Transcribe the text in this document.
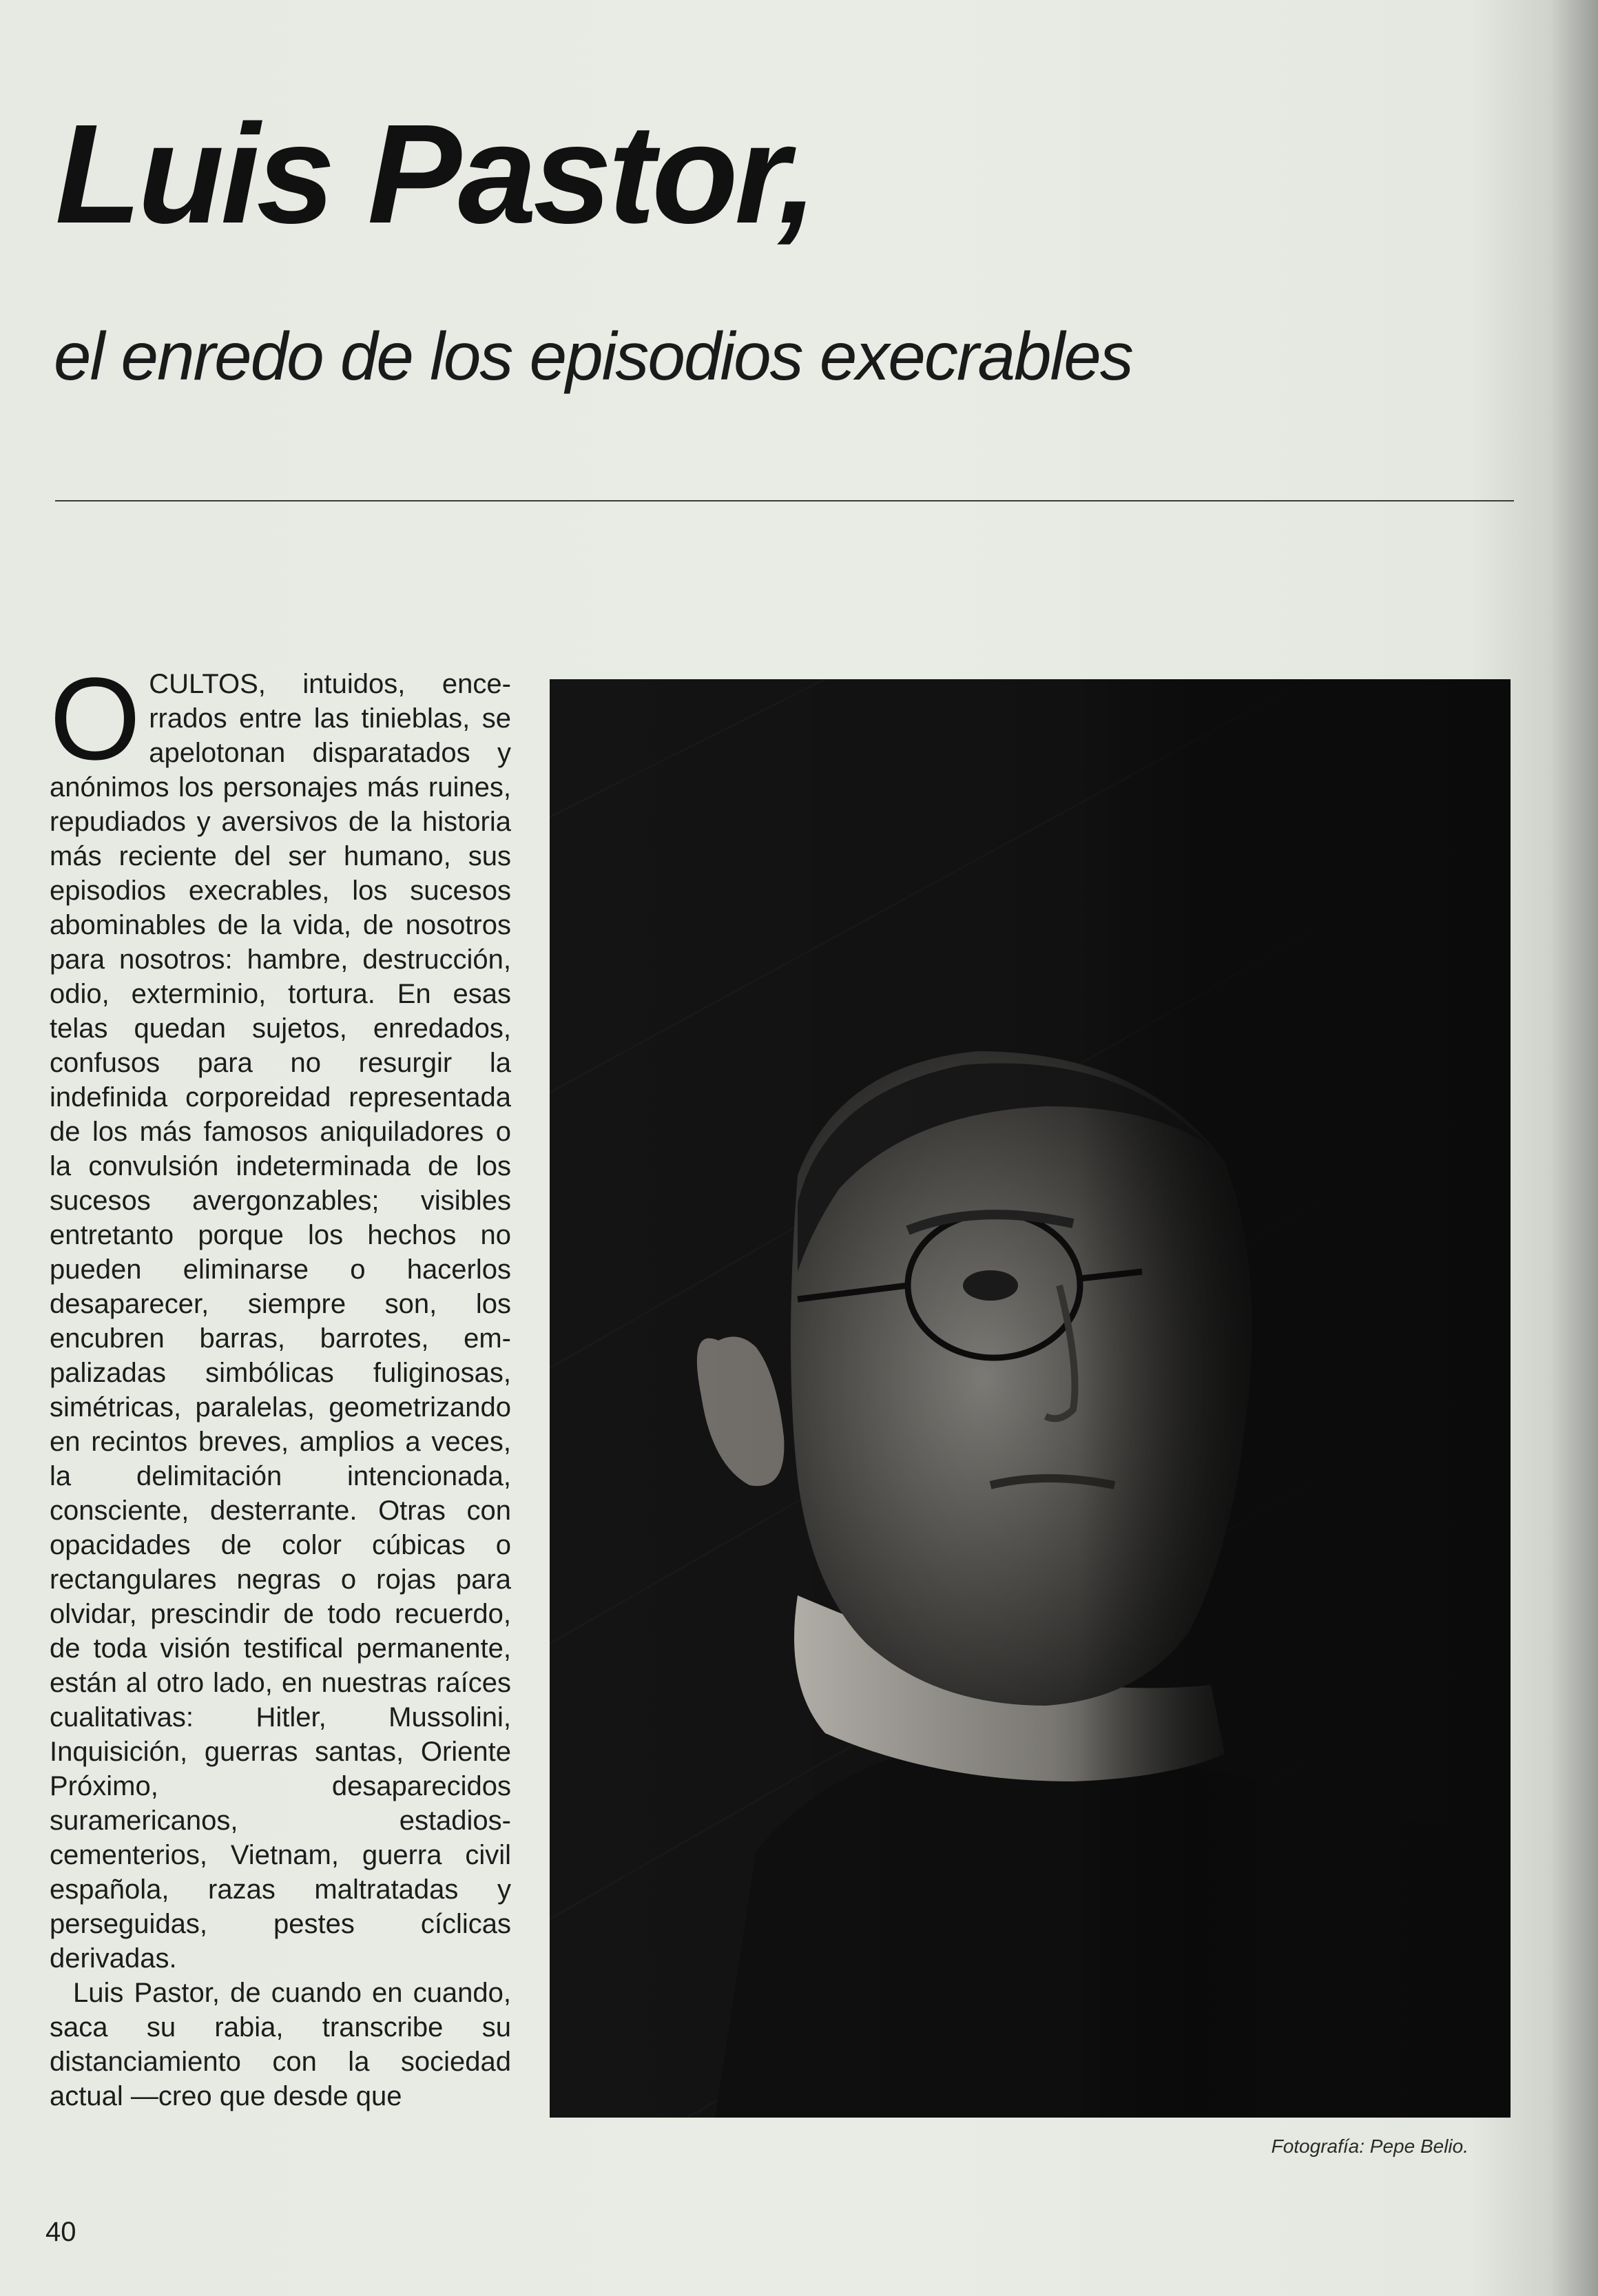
Luis Pastor,
el enredo de los episodios execrables

OCULTOS, intuidos, encerrados entre las tinieblas, se apelotonan disparatados y anónimos los personajes más ruines, repudiados y aversivos de la historia más reciente del ser humano, sus episodios execrables, los sucesos abominables de la vida, de nosotros para nosotros: hambre, destrucción, odio, exterminio, tortura. En esas telas quedan sujetos, enredados, confusos para no resurgir la indefinida corporeidad representada de los más famosos aniquiladores o la convulsión indeterminada de los sucesos avergonzables; visibles entretanto porque los hechos no pueden eliminarse o hacerlos desaparecer, siempre son, los encubren barras, barrotes, empalizadas simbólicas fuliginosas, simétricas, paralelas, geometrizando en recintos breves, amplios a veces, la delimitación intencionada, consciente, desterrante. Otras con opacidades de color cúbicas o rectangulares negras o rojas para olvidar, prescindir de todo recuerdo, de toda visión testifical permanente, están al otro lado, en nuestras raíces cualitativas: Hitler, Mussolini, Inquisición, guerras santas, Oriente Próximo, desaparecidos suramericanos, estadios-cementerios, Vietnam, guerra civil española, razas maltratadas y perseguidas, pestes cíclicas derivadas.

Luis Pastor, de cuando en cuando, saca su rabia, transcribe su distanciamiento con la sociedad actual —creo que desde que

Fotografía: Pepe Belio.

40
